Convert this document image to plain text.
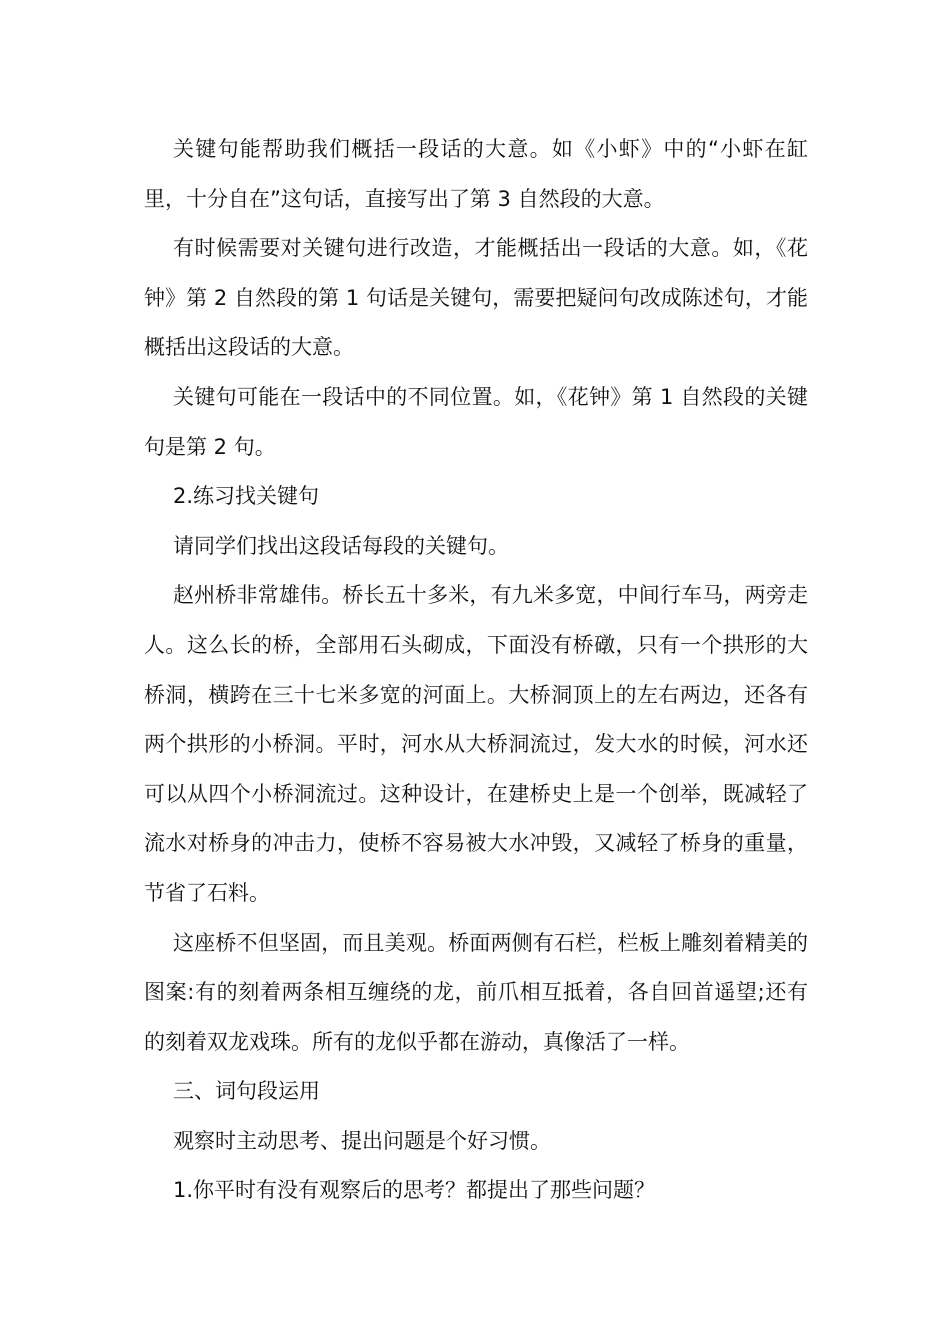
关键句能帮助我们概括一段话的大意。如《小虾》中的“小虾在缸里，十分自在”这句话，直接写出了第 3 自然段的大意。

有时候需要对关键句进行改造，才能概括出一段话的大意。如，《花钟》第 2 自然段的第 1 句话是关键句，需要把疑问句改成陈述句，才能概括出这段话的大意。

关键句可能在一段话中的不同位置。如，《花钟》第 1 自然段的关键句是第 2 句。

2.练习找关键句

请同学们找出这段话每段的关键句。

赵州桥非常雄伟。桥长五十多米，有九米多宽，中间行车马，两旁走人。这么长的桥，全部用石头砌成，下面没有桥礅，只有一个拱形的大桥洞，横跨在三十七米多宽的河面上。大桥洞顶上的左右两边，还各有两个拱形的小桥洞。平时，河水从大桥洞流过，发大水的时候，河水还可以从四个小桥洞流过。这种设计，在建桥史上是一个创举，既减轻了流水对桥身的冲击力，使桥不容易被大水冲毁，又减轻了桥身的重量，节省了石料。

这座桥不但坚固，而且美观。桥面两侧有石栏，栏板上雕刻着精美的图案:有的刻着两条相互缠绕的龙，前爪相互抵着，各自回首遥望;还有的刻着双龙戏珠。所有的龙似乎都在游动，真像活了一样。

三、词句段运用

观察时主动思考、提出问题是个好习惯。

1.你平时有没有观察后的思考？都提出了那些问题？
